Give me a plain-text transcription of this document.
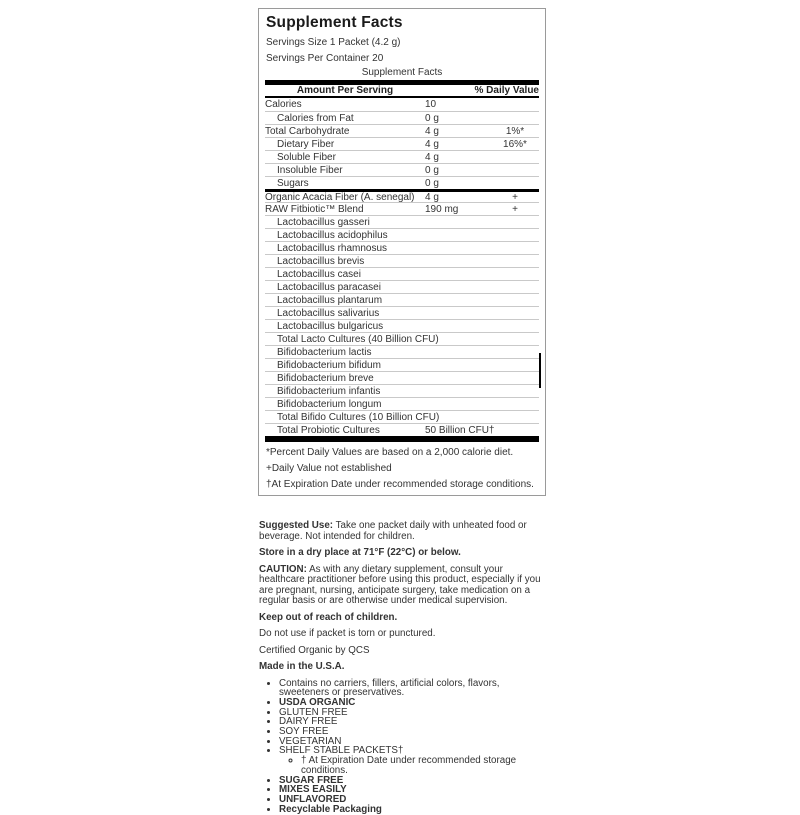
Supplement Facts
Servings Size 1 Packet (4.2 g)
Servings Per Container 20
Supplement Facts
Amount Per Serving	% Daily Value
Calories	10
Calories from Fat	0 g
Total Carbohydrate	4 g	1%*
Dietary Fiber	4 g	16%*
Soluble Fiber	4 g
Insoluble Fiber	0 g
Sugars	0 g
Organic Acacia Fiber (A. senegal)	4 g	+
RAW Fitbiotic™ Blend	190 mg	+
Lactobacillus gasseri
Lactobacillus acidophilus
Lactobacillus rhamnosus
Lactobacillus brevis
Lactobacillus casei
Lactobacillus paracasei
Lactobacillus plantarum
Lactobacillus salivarius
Lactobacillus bulgaricus
Total Lacto Cultures (40 Billion CFU)
Bifidobacterium lactis
Bifidobacterium bifidum
Bifidobacterium breve
Bifidobacterium infantis
Bifidobacterium longum
Total Bifido Cultures (10 Billion CFU)
Total Probiotic Cultures	50 Billion CFU†
*Percent Daily Values are based on a 2,000 calorie diet.
+Daily Value not established
†At Expiration Date under recommended storage conditions.

Suggested Use: Take one packet daily with unheated food or beverage. Not intended for children.

Store in a dry place at 71°F (22°C) or below.

CAUTION: As with any dietary supplement, consult your healthcare practitioner before using this product, especially if you are pregnant, nursing, anticipate surgery, take medication on a regular basis or are otherwise under medical supervision.

Keep out of reach of children.

Do not use if packet is torn or punctured.

Certified Organic by QCS

Made in the U.S.A.

• Contains no carriers, fillers, artificial colors, flavors, sweeteners or preservatives.
• USDA ORGANIC
• GLUTEN FREE
• DAIRY FREE
• SOY FREE
• VEGETARIAN
• SHELF STABLE PACKETS†
◦ † At Expiration Date under recommended storage conditions.
• SUGAR FREE
• MIXES EASILY
• UNFLAVORED
• Recyclable Packaging
